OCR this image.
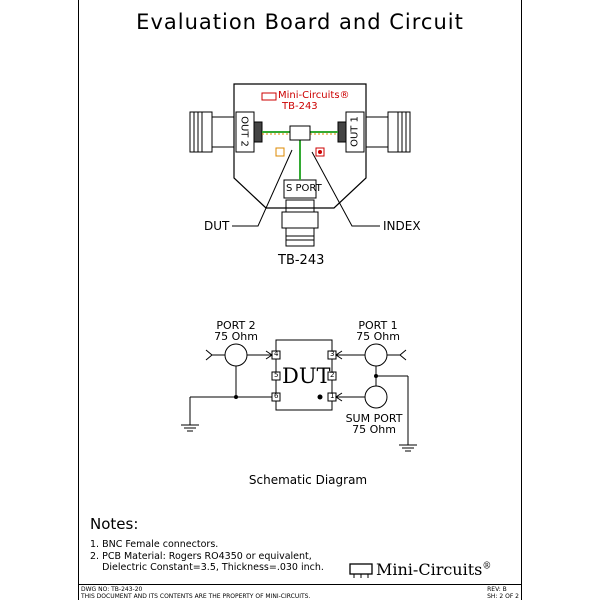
Evaluation Board and Circuit
Mini-Circuits®
TB-243
OUT 2	OUT 1
S PORT
DUT	INDEX
TB-243
PORT 2
75 Ohm
PORT 1
75 Ohm
SUM PORT
75 Ohm
DUT
4
5
6
3
2
1
Schematic Diagram
Notes:
1. BNC Female connectors.
2. PCB Material: Rogers RO4350 or equivalent,
Dielectric Constant=3.5, Thickness=.030 inch.	Mini-Circuits®
DWG NO: TB-243-20
THIS DOCUMENT AND ITS CONTENTS ARE THE PROPERTY OF MINI-CIRCUITS.
REV: B
SH: 2 OF 2
